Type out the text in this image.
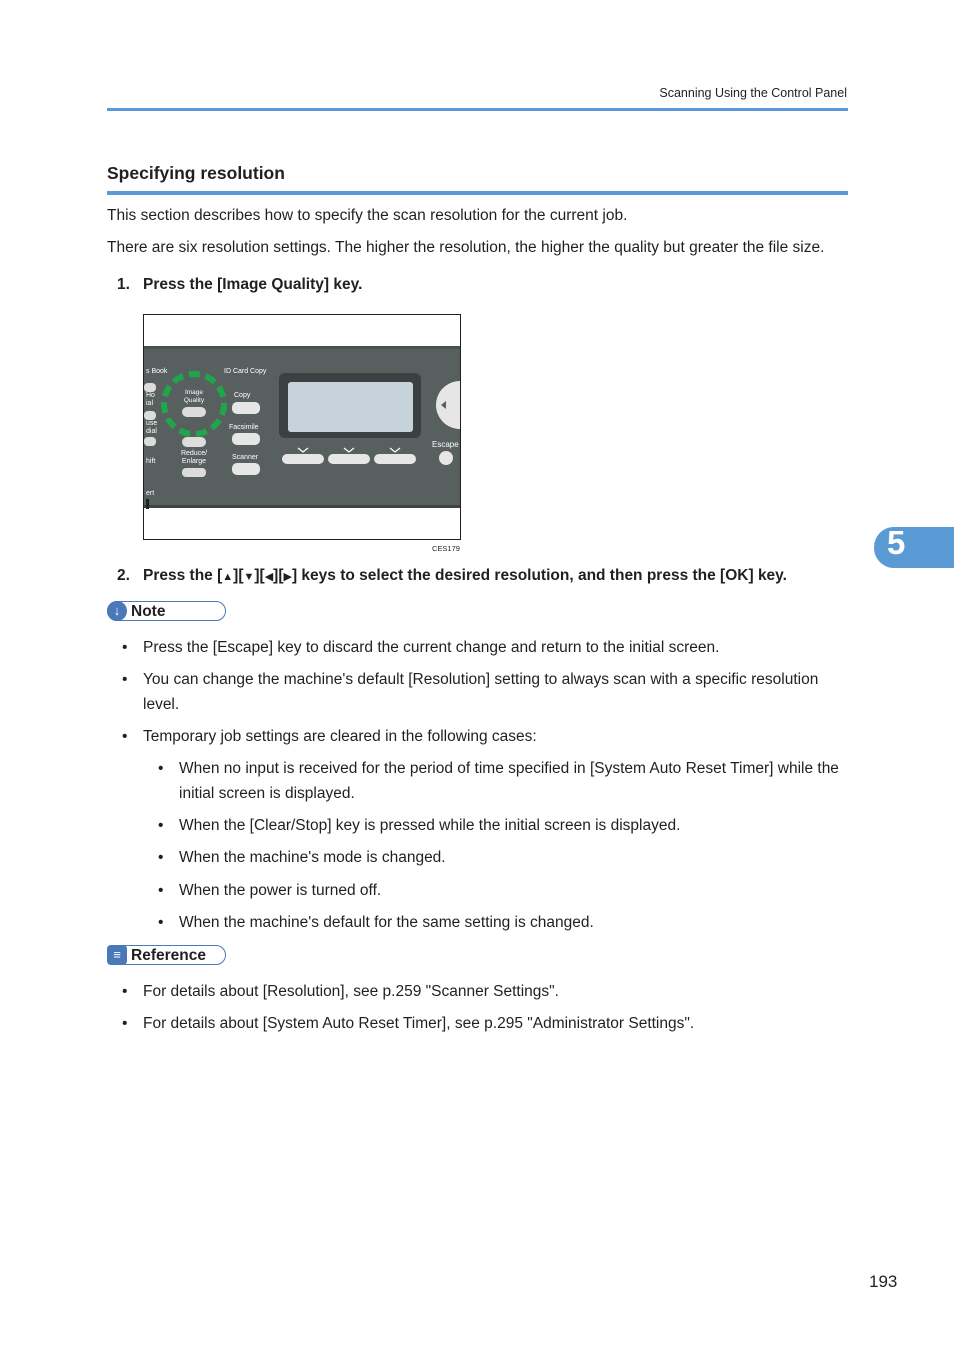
Scanning Using the Control Panel
Specifying resolution
This section describes how to specify the scan resolution for the current job.
There are six resolution settings. The higher the resolution, the higher the quality but greater the file size.
1. Press the [Image Quality] key.
s Book	ID Card Copy
Ho
ial
use
dial
hift
ert
Image
Quality
Copy
Facsimile
Reduce/
Enlarge
Scanner
Escape
CES179
2. Press the [▲][▼][◀][▶] keys to select the desired resolution, and then press the [OK] key.
↓ Note
• Press the [Escape] key to discard the current change and return to the initial screen.
• You can change the machine's default [Resolution] setting to always scan with a specific resolution level.
• Temporary job settings are cleared in the following cases:
• When no input is received for the period of time specified in [System Auto Reset Timer] while the initial screen is displayed.
• When the [Clear/Stop] key is pressed while the initial screen is displayed.
• When the machine's mode is changed.
• When the power is turned off.
• When the machine's default for the same setting is changed.
≡ Reference
• For details about [Resolution], see p.259 "Scanner Settings".
• For details about [System Auto Reset Timer], see p.295 "Administrator Settings".
5
193
